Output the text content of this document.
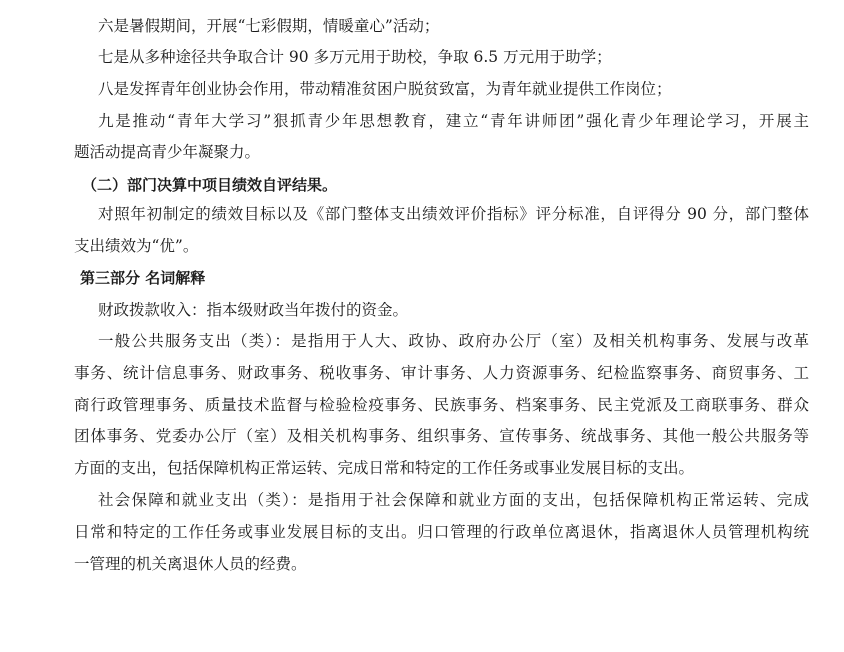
六是暑假期间，开展“七彩假期，情暖童心”活动；
七是从多种途径共争取合计 90 多万元用于助校，争取 6.5 万元用于助学；
八是发挥青年创业协会作用，带动精准贫困户脱贫致富，为青年就业提供工作岗位；
九是推动“青年大学习”狠抓青少年思想教育，建立“青年讲师团”强化青少年理论学习，开展主
题活动提高青少年凝聚力。
（二）部门决算中项目绩效自评结果。
对照年初制定的绩效目标以及《部门整体支出绩效评价指标》评分标准，自评得分 90 分，部门整体
支出绩效为“优”。
第三部分 名词解释
财政拨款收入：指本级财政当年拨付的资金。
一般公共服务支出（类）：是指用于人大、政协、政府办公厅（室）及相关机构事务、发展与改革
事务、统计信息事务、财政事务、税收事务、审计事务、人力资源事务、纪检监察事务、商贸事务、工
商行政管理事务、质量技术监督与检验检疫事务、民族事务、档案事务、民主党派及工商联事务、群众
团体事务、党委办公厅（室）及相关机构事务、组织事务、宣传事务、统战事务、其他一般公共服务等
方面的支出，包括保障机构正常运转、完成日常和特定的工作任务或事业发展目标的支出。
社会保障和就业支出（类）：是指用于社会保障和就业方面的支出，包括保障机构正常运转、完成
日常和特定的工作任务或事业发展目标的支出。归口管理的行政单位离退休，指离退休人员管理机构统
一管理的机关离退休人员的经费。
